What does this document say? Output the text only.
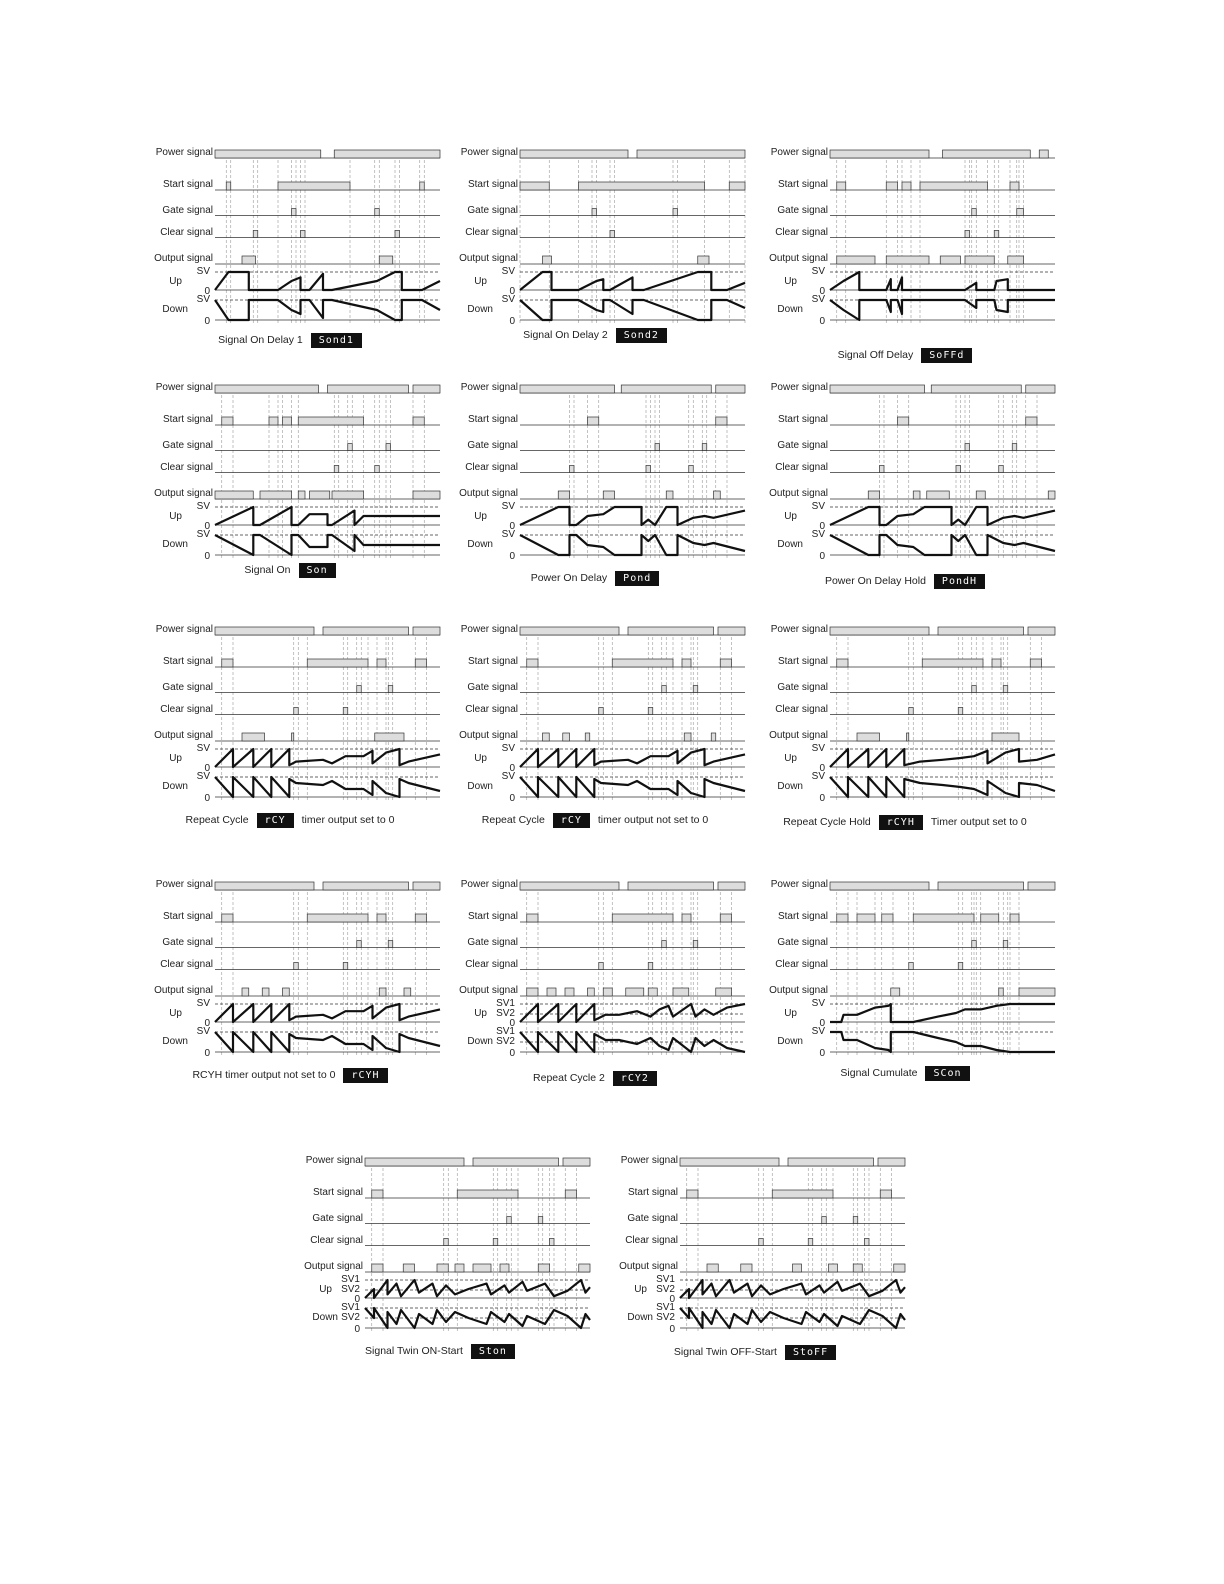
Power signal
Start signal
Gate signal
Clear signal
Output signal
Up
Down
SV
SV
0
0
Signal On Delay 1	Sond1
Power signal
Start signal
Gate signal
Clear signal
Output signal
Up
Down
SV
SV
0
0
Signal On Delay 2	Sond2
Power signal
Start signal
Gate signal
Clear signal
Output signal
Up
Down
SV
SV
0
0
Signal Off Delay	SoFFd
Power signal
Start signal
Gate signal
Clear signal
Output signal
Up
Down
SV
SV
0
0
Signal On	Son
Power signal
Start signal
Gate signal
Clear signal
Output signal
Up
Down
SV
SV
0
0
Power On Delay	Pond
Power signal
Start signal
Gate signal
Clear signal
Output signal
Up
Down
SV
SV
0
0
Power On Delay Hold	PondH
Power signal
Start signal
Gate signal
Clear signal
Output signal
Up
Down
SV
SV
0
0
Repeat Cycle	rCY	timer output set to 0
Power signal
Start signal
Gate signal
Clear signal
Output signal
Up
Down
SV
SV
0
0
Repeat Cycle	rCY	timer output not set to 0
Power signal
Start signal
Gate signal
Clear signal
Output signal
Up
Down
SV
SV
0
0
Repeat Cycle Hold	rCYH	Timer output set to 0
Power signal
Start signal
Gate signal
Clear signal
Output signal
Up
Down
SV
SV
0
0
RCYH timer output not set to 0	rCYH
Power signal
Start signal
Gate signal
Clear signal
Output signal
Up
Down
SV1
SV2
SV1
SV2
0
0
Repeat Cycle 2	rCY2
Power signal
Start signal
Gate signal
Clear signal
Output signal
Up
Down
SV
SV
0
0
Signal Cumulate	SCon
Power signal
Start signal
Gate signal
Clear signal
Output signal
Up
Down
SV1
SV2
SV1
SV2
0
0
Signal Twin ON-Start	Ston
Power signal
Start signal
Gate signal
Clear signal
Output signal
Up
Down
SV1
SV2
SV1
SV2
0
0
Signal Twin OFF-Start	StoFF
